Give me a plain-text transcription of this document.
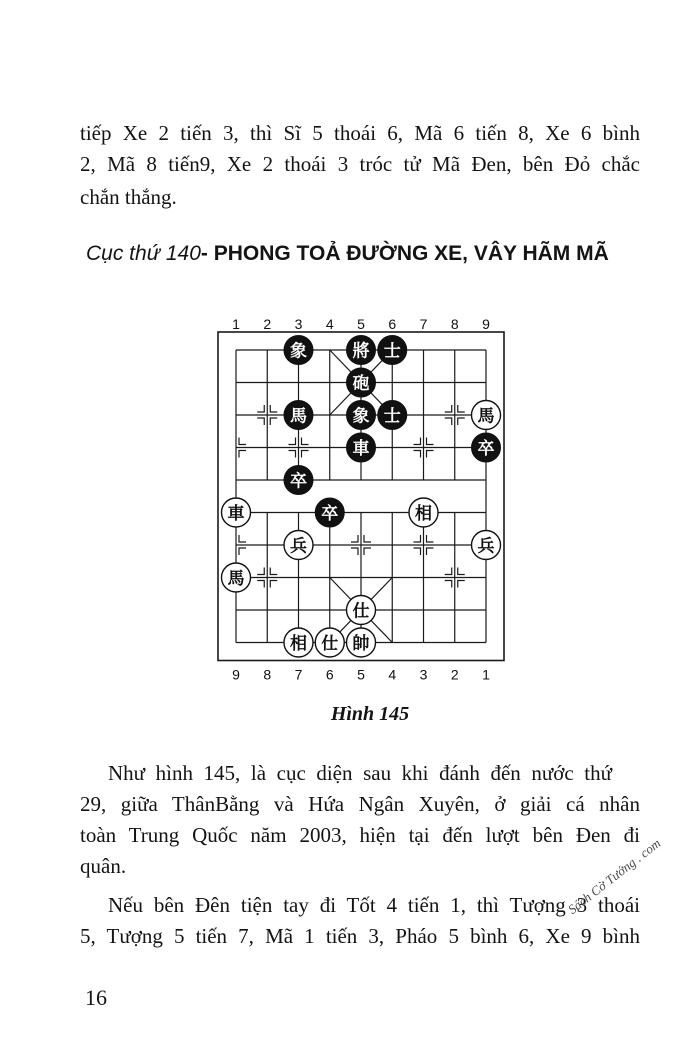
tiếp Xe 2 tiến 3, thì Sĩ 5 thoái 6, Mã 6 tiến 8, Xe 6 bình

2, Mã 8 tiến9, Xe 2 thoái 3 tróc tử Mã Đen, bên Đỏ chắc

chắn thắng.

Cục thứ 140- PHONG TOẢ ĐƯỜNG XE, VÂY HÃM MÃ
象	將 士
砲
馬	象 士
車	卒
卒
卒
馬
車	相
兵	兵
馬
仕
相 仕 帥
1 2 3 4 5 6 7 8 9
9 8 7 6 5 4 3 2 1
Hình 145

Như hình 145, là cục diện sau khi đánh đến nước thứ

29, giữa ThânBằng và Hứa Ngân Xuyên, ở giải cá nhân

toàn Trung Quốc năm 2003, hiện tại đến lượt bên Đen đi

quân.

Nếu bên Đên tiện tay đi Tốt 4 tiến 1, thì Tượng 3 thoái

5, Tượng 5 tiến 7, Mã 1 tiến 3, Pháo 5 bình 6, Xe 9 bình

16
Sách Cờ Tướng . com
